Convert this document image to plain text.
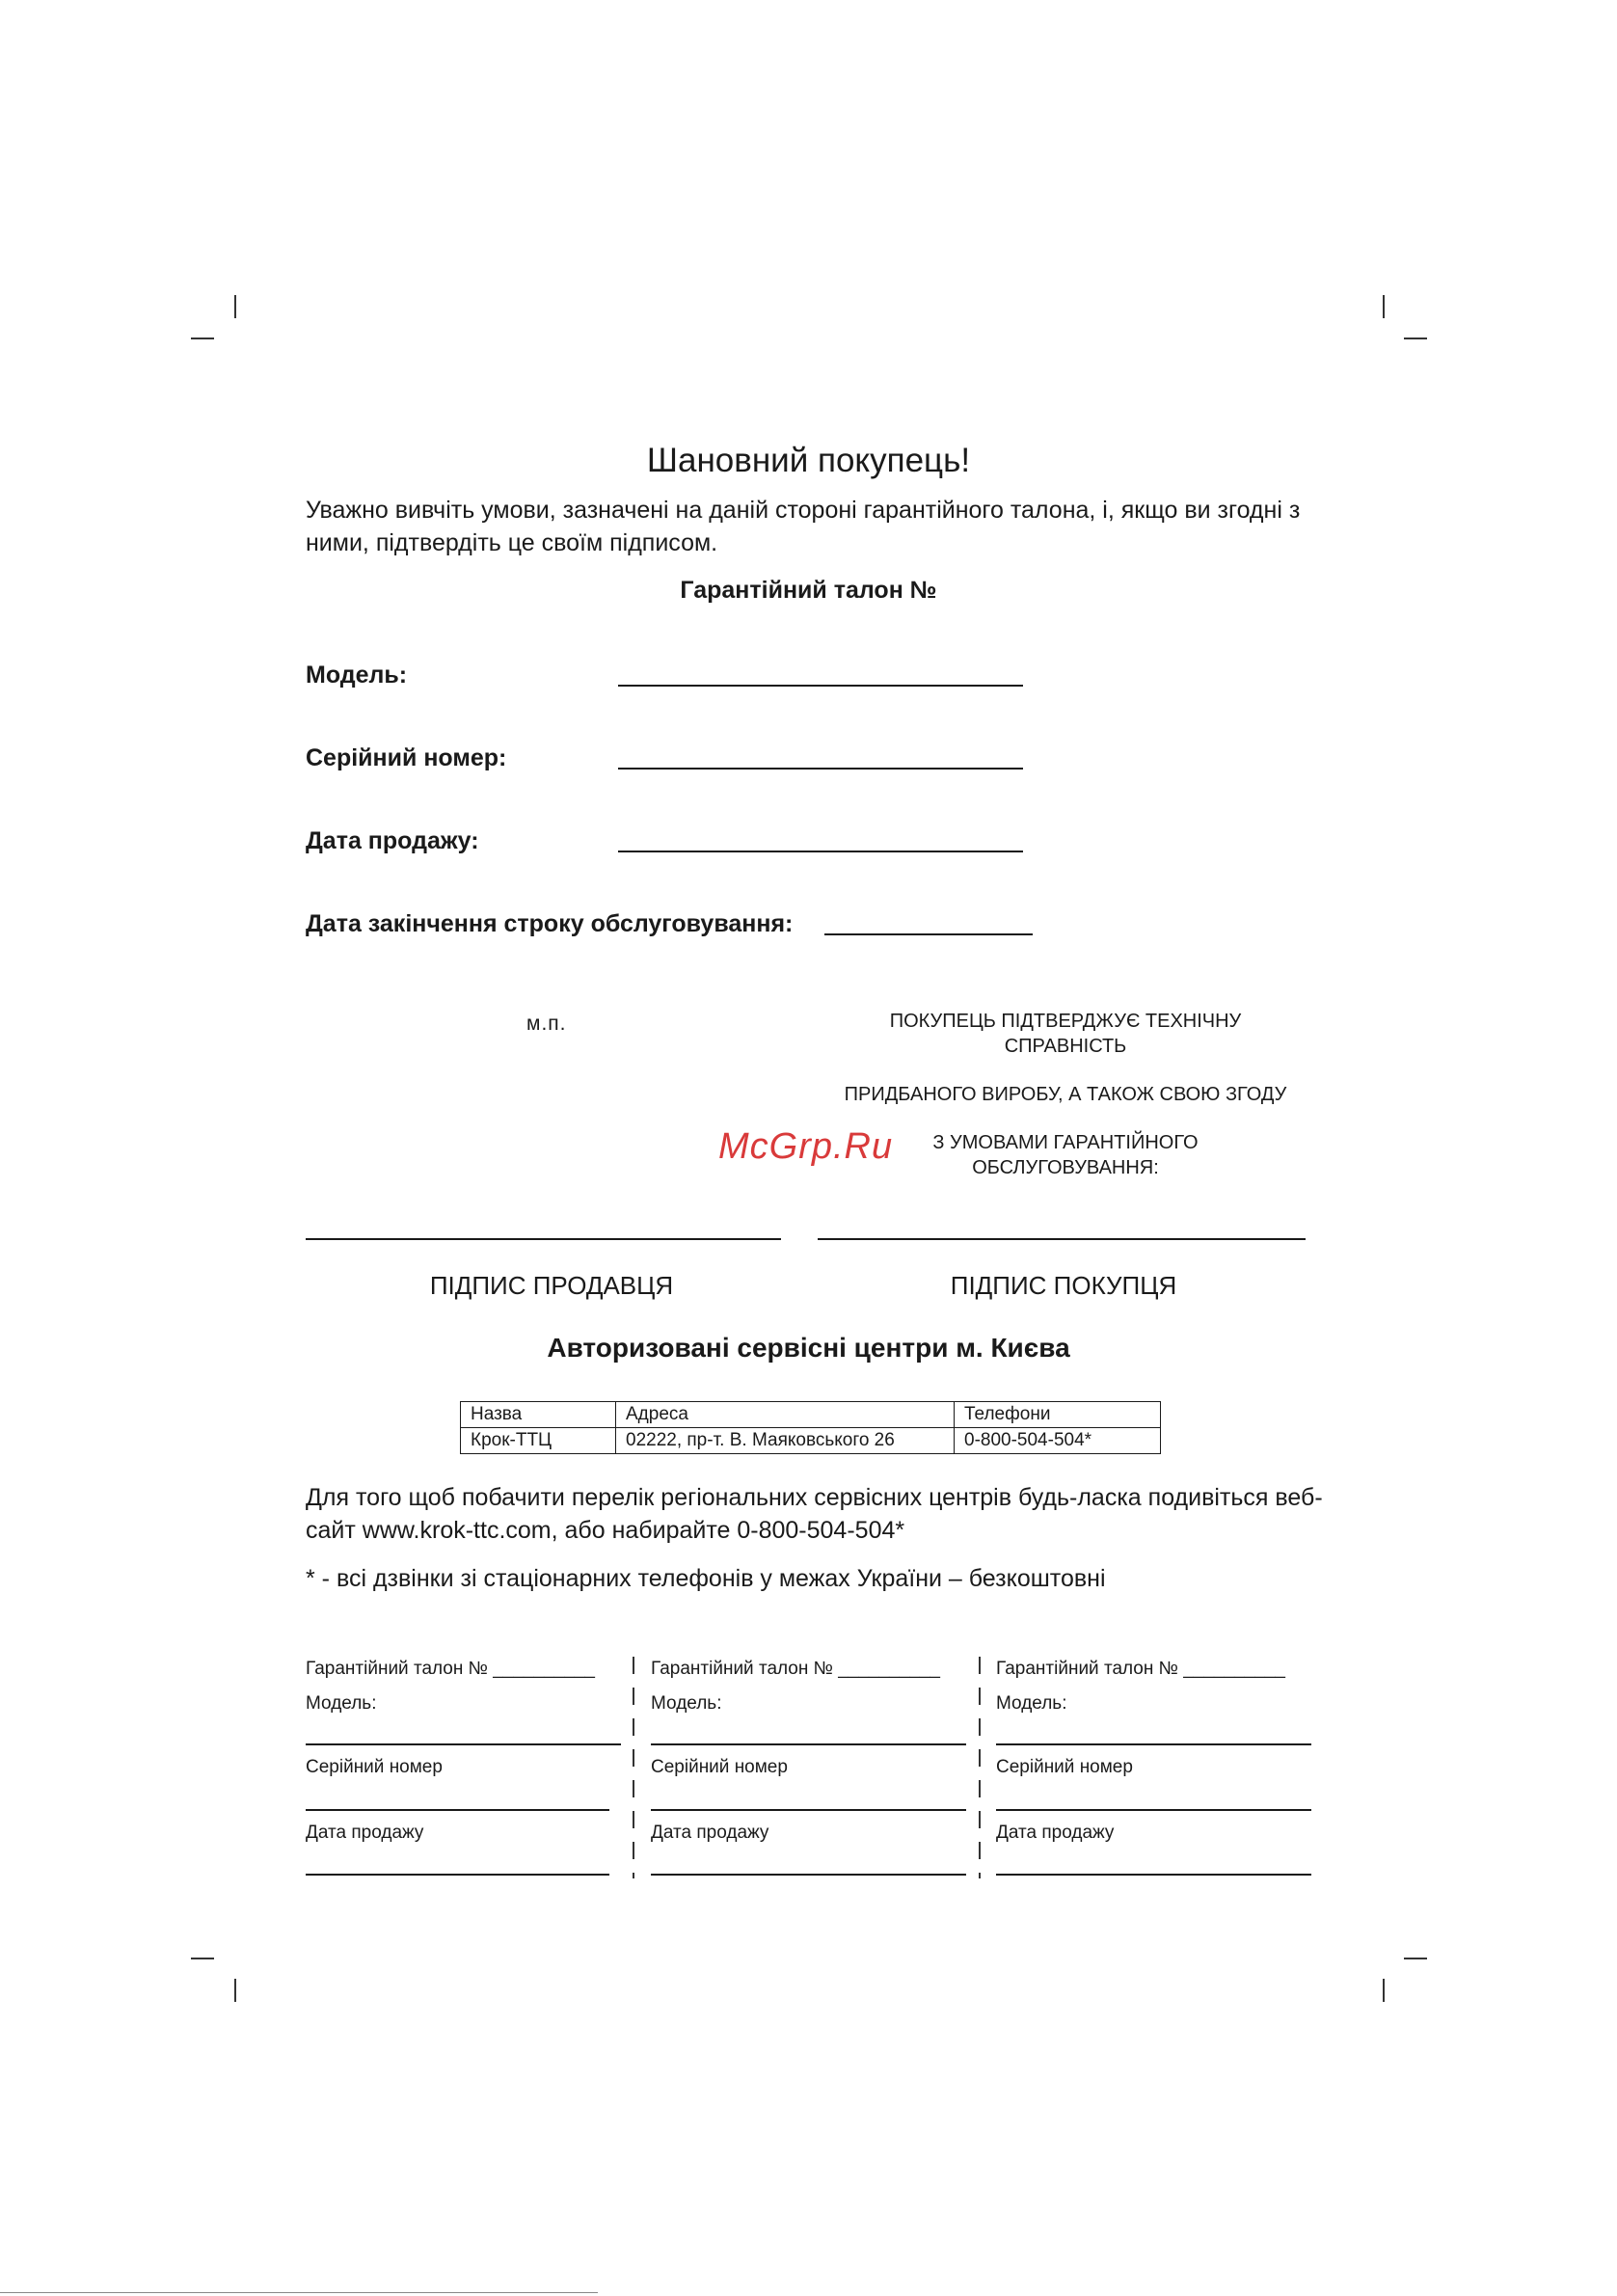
Шановний покупець!
Уважно вивчіть умови, зазначені на даній стороні гарантійного талона, і, якщо ви згодні з ними, підтвердіть це своїм підписом.
Гарантійний талон №
Модель:
Серійний номер:
Дата продажу:
Дата закінчення строку обслуговування:
м.п.	ПОКУПЕЦЬ ПІДТВЕРДЖУЄ ТЕХНІЧНУ
СПРАВНІСТЬ
ПРИДБАНОГО ВИРОБУ, А ТАКОЖ СВОЮ ЗГОДУ
З УМОВАМИ ГАРАНТІЙНОГО
ОБСЛУГОВУВАННЯ:
McGrp.Ru
ПІДПИС ПРОДАВЦЯ	ПІДПИС ПОКУПЦЯ
Авторизовані сервісні центри м. Києва
Назва	Адреса	Телефони
Крок-ТТЦ	02222, пр-т. В. Маяковського 26	0-800-504-504*
Для того щоб побачити перелік регіональних сервісних центрів будь-ласка подивіться веб-сайт www.krok-ttc.com, або набирайте 0-800-504-504*
* - всі дзвінки зі стаціонарних телефонів у межах України – безкоштовні
Гарантійний талон № __________
Модель:
Серійний номер
Дата продажу
Гарантійний талон № __________
Модель:
Серійний номер
Дата продажу
Гарантійний талон № __________
Модель:
Серійний номер
Дата продажу
